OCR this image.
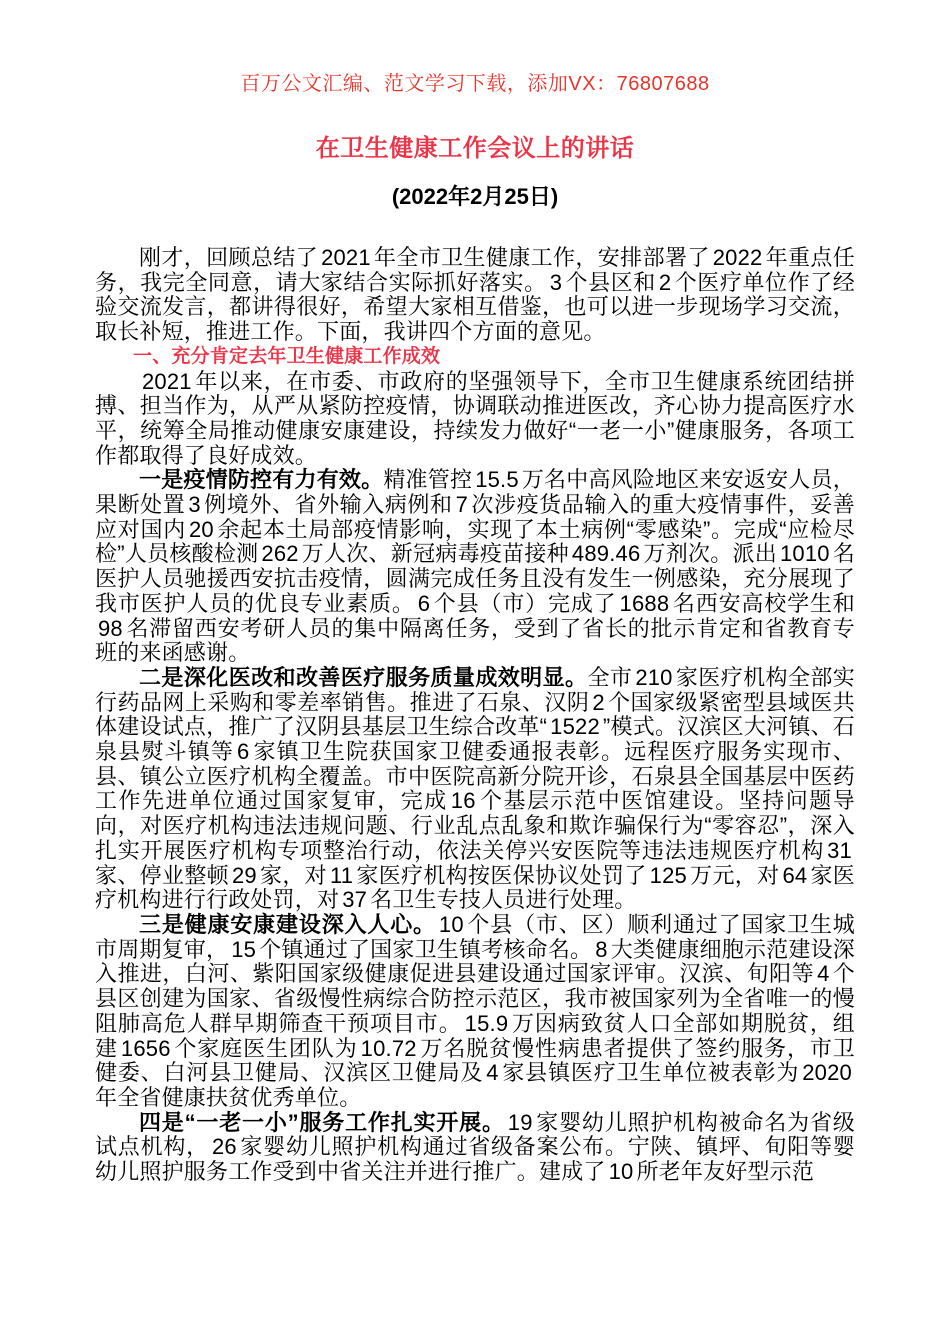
百万公文汇编、范文学习下载，添加VX：76807688
在卫生健康工作会议上的讲话
(2022年2月25日)
刚才，回顾总结了 2021 年全市卫生健康工作，安排部署了 2022 年重点任务，我完全同意，请大家结合实际抓好落实。 3 个县区和 2 个医疗单位作了经验交流发言，都讲得很好，希望大家相互借鉴，也可以进一步现场学习交流，取长补短，推进工作。下面，我讲四个方面的意见。
一、充分肯定去年卫生健康工作成效
2021 年以来，在市委、市政府的坚强领导下，全市卫生健康系统团结拼搏、担当作为，从严从紧防控疫情，协调联动推进医改，齐心协力提高医疗水平，统筹全局推动健康安康建设，持续发力做好“一老一小”健康服务，各项工作都取得了良好成效。
一是疫情防控有力有效。精准管控 15.5 万名中高风险地区来安返安人员，果断处置 3 例境外、省外输入病例和 7 次涉疫货品输入的重大疫情事件，妥善应对国内 20 余起本土局部疫情影响，实现了本土病例“零感染”。完成“应检尽检”人员核酸检测 262 万人次、新冠病毒疫苗接种 489.46 万剂次。派出 1010 名医护人员驰援西安抗击疫情，圆满完成任务且没有发生一例感染，充分展现了我市医护人员的优良专业素质。 6 个县（市）完成了 1688 名西安高校学生和98 名滞留西安考研人员的集中隔离任务，受到了省长的批示肯定和省教育专班的来函感谢。
二是深化医改和改善医疗服务质量成效明显。全市 210 家医疗机构全部实行药品网上采购和零差率销售。推进了石泉、汉阴 2 个国家级紧密型县域医共体建设试点，推广了汉阴县基层卫生综合改革“ 1522 ”模式。汉滨区大河镇、石泉县熨斗镇等 6 家镇卫生院获国家卫健委通报表彰。远程医疗服务实现市、县、镇公立医疗机构全覆盖。市中医院高新分院开诊，石泉县全国基层中医药工作先进单位通过国家复审，完成 16 个基层示范中医馆建设。坚持问题导向，对医疗机构违法违规问题、行业乱点乱象和欺诈骗保行为“零容忍”，深入扎实开展医疗机构专项整治行动，依法关停兴安医院等违法违规医疗机构 31家、停业整顿 29 家，对 11 家医疗机构按医保协议处罚了 125 万元，对 64 家医疗机构进行行政处罚，对 37 名卫生专技人员进行处理。
三是健康安康建设深入人心。 10 个县（市、区）顺利通过了国家卫生城市周期复审， 15 个镇通过了国家卫生镇考核命名。 8 大类健康细胞示范建设深入推进，白河、紫阳国家级健康促进县建设通过国家评审。汉滨、旬阳等 4 个县区创建为国家、省级慢性病综合防控示范区，我市被国家列为全省唯一的慢阻肺高危人群早期筛查干预项目市。 15.9 万因病致贫人口全部如期脱贫，组建 1656 个家庭医生团队为 10.72 万名脱贫慢性病患者提供了签约服务，市卫健委、白河县卫健局、汉滨区卫健局及 4 家县镇医疗卫生单位被表彰为 2020年全省健康扶贫优秀单位。
四是“一老一小”服务工作扎实开展。 19 家婴幼儿照护机构被命名为省级试点机构， 26 家婴幼儿照护机构通过省级备案公布。宁陕、镇坪、旬阳等婴幼儿照护服务工作受到中省关注并进行推广。建成了 10 所老年友好型示范
